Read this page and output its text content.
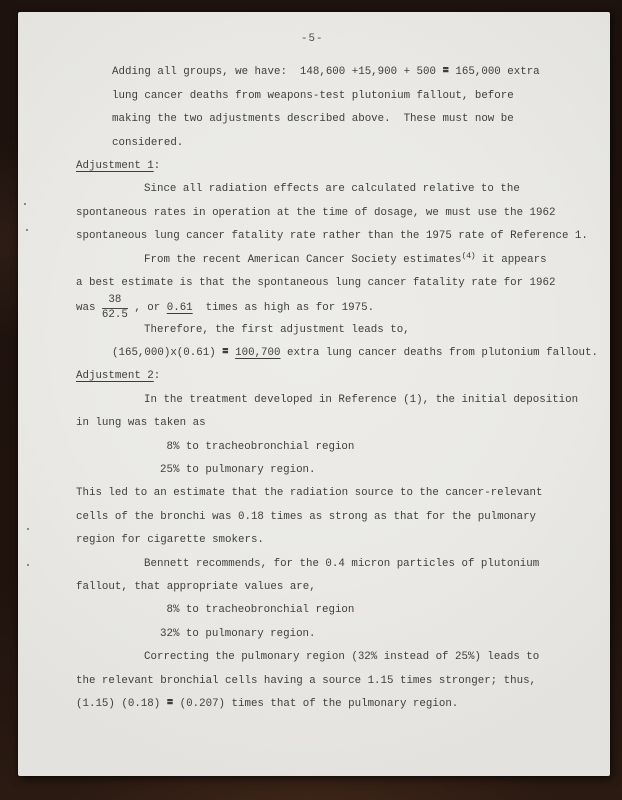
-5-
Adding all groups, we have:  148,600 +15,900 + 500 = 165,000 extra
lung cancer deaths from weapons-test plutonium fallout, before
making the two adjustments described above.  These must now be
considered.
Adjustment 1:
Since all radiation effects are calculated relative to the
spontaneous rates in operation at the time of dosage, we must use the 1962
spontaneous lung cancer fatality rate rather than the 1975 rate of Reference 1.
From the recent American Cancer Society estimates(4) it appears
a best estimate is that the spontaneous lung cancer fatality rate for 1962
was $\frac{38}{62.5}$ , or 0.61  times as high as for 1975.
Therefore, the first adjustment leads to,
(165,000)x(0.61) = 100,700 extra lung cancer deaths from plutonium fallout.
Adjustment 2:
In the treatment developed in Reference (1), the initial deposition
in lung was taken as
8% to tracheobronchial region
25% to pulmonary region.
This led to an estimate that the radiation source to the cancer-relevant
cells of the bronchi was 0.18 times as strong as that for the pulmonary
region for cigarette smokers.
Bennett recommends, for the 0.4 micron particles of plutonium
fallout, that appropriate values are,
8% to tracheobronchial region
32% to pulmonary region.
Correcting the pulmonary region (32% instead of 25%) leads to
the relevant bronchial cells having a source 1.15 times stronger; thus,
(1.15) (0.18) = (0.207) times that of the pulmonary region.
